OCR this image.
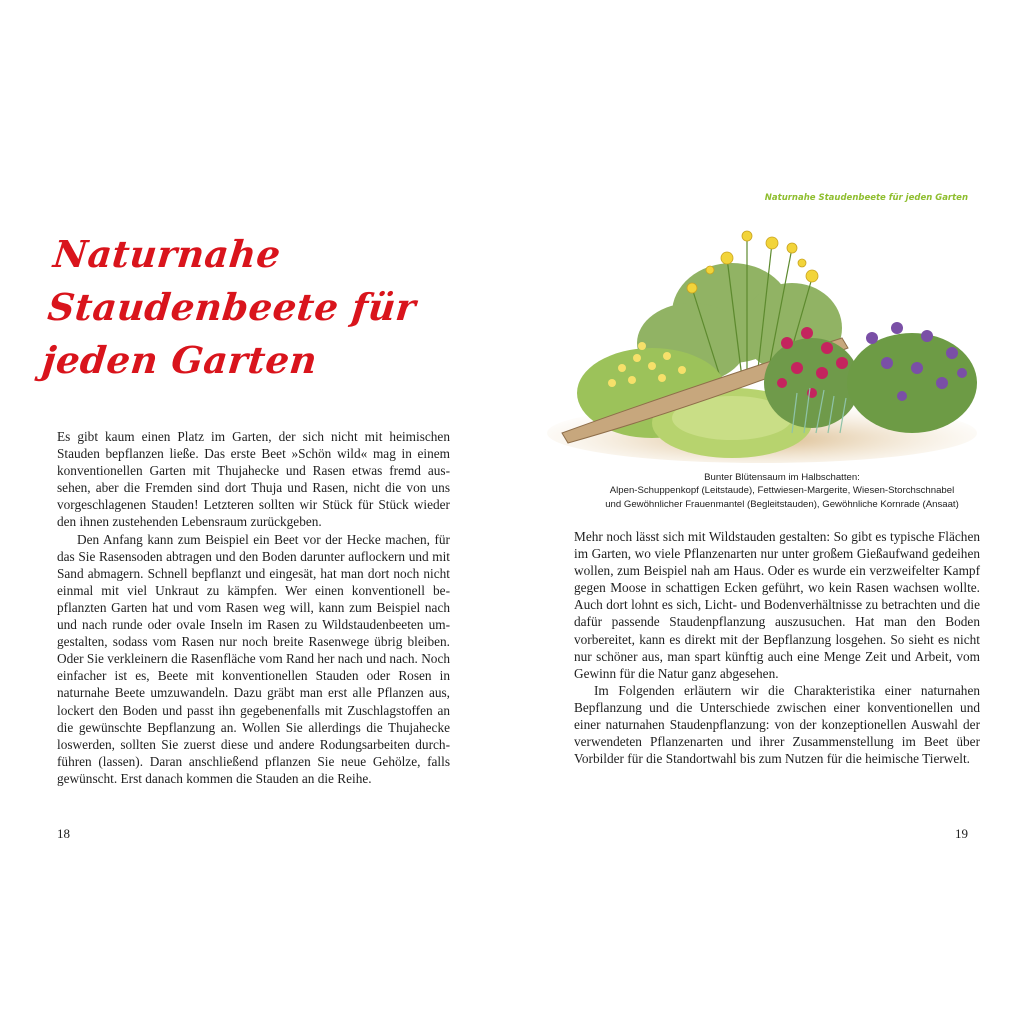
Naturnahe
Staudenbeete für
jeden Garten

Es gibt kaum einen Platz im Garten, der sich nicht mit heimischen Stauden bepflanzen ließe. Das erste Beet »Schön wild« mag in einem konventionellen Garten mit Thujahecke und Rasen etwas fremd aussehen, aber die Fremden sind dort Thuja und Rasen, nicht die von uns vorgeschlagenen Stauden! Letzteren sollten wir Stück für Stück wieder den ihnen zustehenden Lebensraum zurückgeben.

Den Anfang kann zum Beispiel ein Beet vor der Hecke machen, für das Sie Rasensoden abtragen und den Boden darunter auflockern und mit Sand abmagern. Schnell bepflanzt und eingesät, hat man dort noch nicht einmal mit viel Unkraut zu kämpfen. Wer einen konventionell bepflanzten Garten hat und vom Rasen weg will, kann zum Beispiel nach und nach runde oder ovale Inseln im Rasen zu Wildstaudenbeeten umgestalten, sodass vom Rasen nur noch breite Rasenwege übrig bleiben. Oder Sie verkleinern die Rasenfläche vom Rand her nach und nach. Noch einfacher ist es, Beete mit konventionellen Stauden oder Rosen in naturnahe Beete umzuwandeln. Dazu gräbt man erst alle Pflanzen aus, lockert den Boden und passt ihn gegebenenfalls mit Zuschlagstoffen an die gewünschte Bepflanzung an. Wollen Sie allerdings die Thujahecke loswerden, sollten Sie zuerst diese und andere Rodungsarbeiten durchführen (lassen). Daran anschließend pflanzen Sie neue Gehölze, falls gewünscht. Erst danach kommen die Stauden an die Reihe.

18

Naturnahe Staudenbeete für jeden Garten

Bunter Blütensaum im Halbschatten:
Alpen-Schuppenkopf (Leitstaude), Fettwiesen-Margerite, Wiesen-Storchschnabel
und Gewöhnlicher Frauenmantel (Begleitstauden), Gewöhnliche Kornrade (Ansaat)

Mehr noch lässt sich mit Wildstauden gestalten: So gibt es typische Flächen im Garten, wo viele Pflanzenarten nur unter großem Gießaufwand gedeihen wollen, zum Beispiel nah am Haus. Oder es wurde ein verzweifelter Kampf gegen Moose in schattigen Ecken geführt, wo kein Rasen wachsen wollte. Auch dort lohnt es sich, Licht- und Bodenverhältnisse zu betrachten und die dafür passende Staudenpflanzung auszusuchen. Hat man den Boden vorbereitet, kann es direkt mit der Bepflanzung losgehen. So sieht es nicht nur schöner aus, man spart künftig auch eine Menge Zeit und Arbeit, vom Gewinn für die Natur ganz abgesehen.

Im Folgenden erläutern wir die Charakteristika einer naturnahen Bepflanzung und die Unterschiede zwischen einer konventionellen und einer naturnahen Staudenpflanzung: von der konzeptionellen Auswahl der verwendeten Pflanzenarten und ihrer Zusammenstellung im Beet über Vorbilder für die Standortwahl bis zum Nutzen für die heimische Tierwelt.

19
